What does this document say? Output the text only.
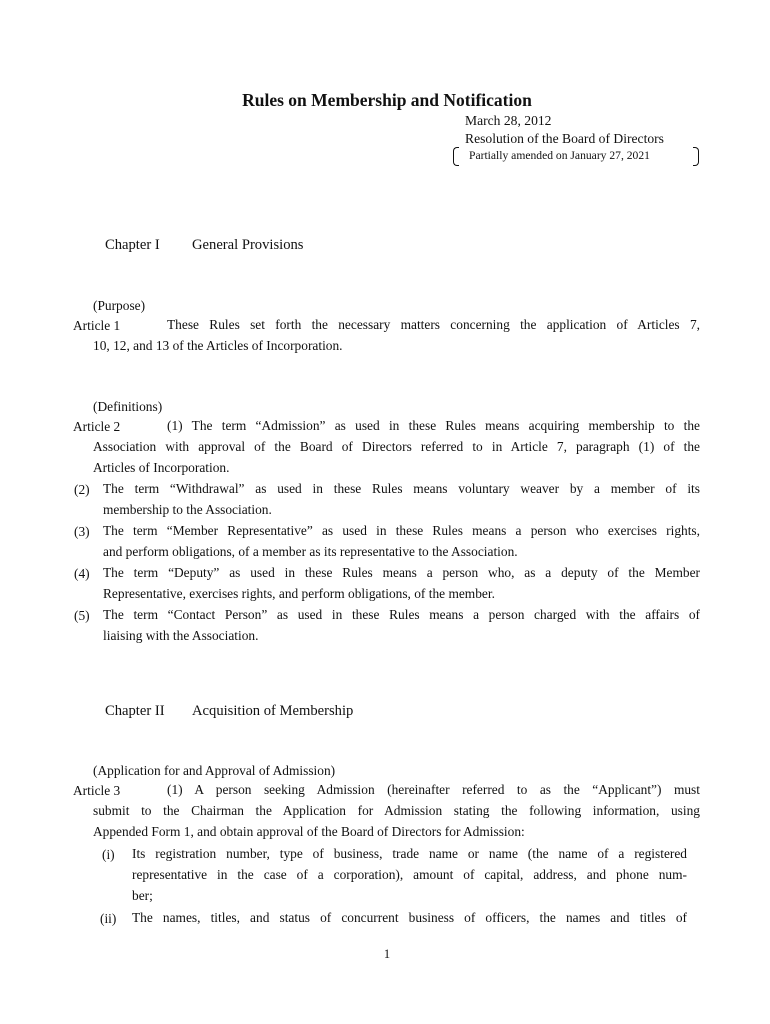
Rules on Membership and Notification
March 28, 2012
Resolution of the Board of Directors
Partially amended on January 27, 2021
Chapter I General Provisions
(Purpose)
Article 1	These Rules set forth the necessary matters concerning the application of Articles 7,
10, 12, and 13 of the Articles of Incorporation.
(Definitions)
Article 2	(1) The term “Admission” as used in these Rules means acquiring membership to the
Association with approval of the Board of Directors referred to in Article 7, paragraph (1) of the
Articles of Incorporation.
(2) The term “Withdrawal” as used in these Rules means voluntary weaver by a member of its
membership to the Association.
(3) The term “Member Representative” as used in these Rules means a person who exercises rights,
and perform obligations, of a member as its representative to the Association.
(4) The term “Deputy” as used in these Rules means a person who, as a deputy of the Member
Representative, exercises rights, and perform obligations, of the member.
(5) The term “Contact Person” as used in these Rules means a person charged with the affairs of
liaising with the Association.
Chapter II Acquisition of Membership
(Application for and Approval of Admission)
Article 3	(1) A person seeking Admission (hereinafter referred to as the “Applicant”) must
submit to the Chairman the Application for Admission stating the following information, using
Appended Form 1, and obtain approval of the Board of Directors for Admission:
(i) Its registration number, type of business, trade name or name (the name of a registered
representative in the case of a corporation), amount of capital, address, and phone num-
ber;
(ii) The names, titles, and status of concurrent business of officers, the names and titles of
1
